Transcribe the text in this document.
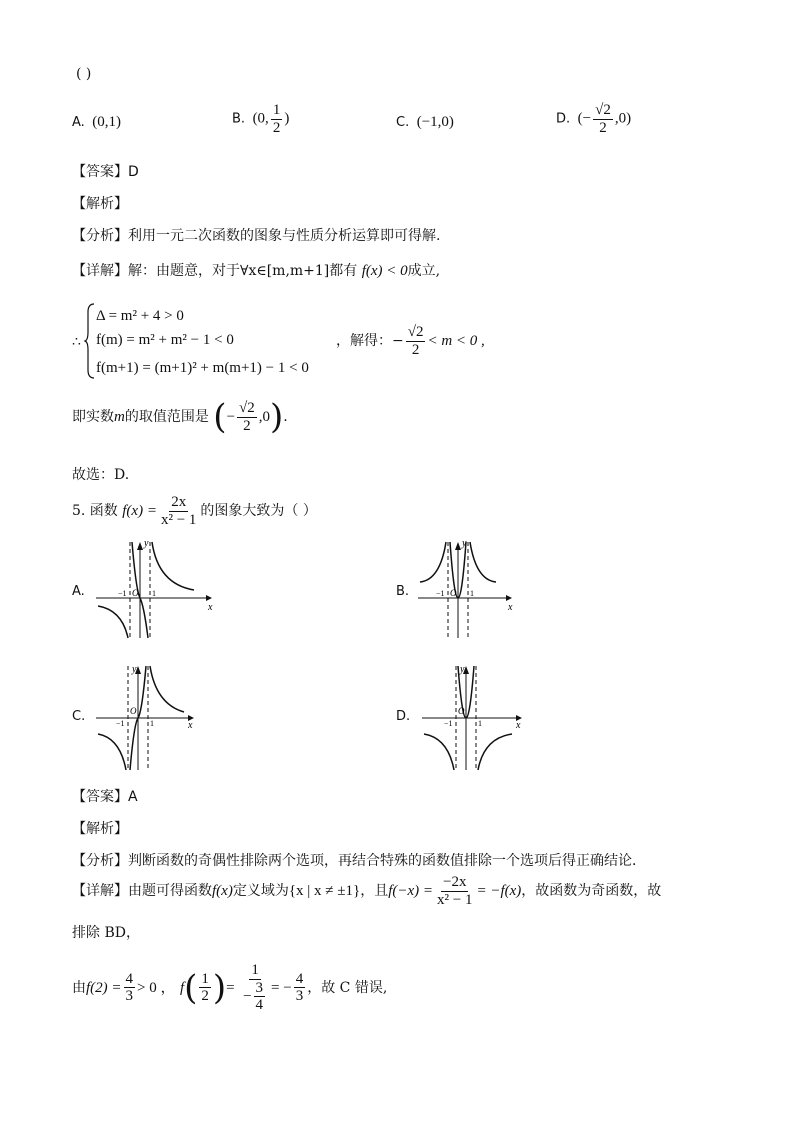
( )
A. (0,1)	B. (0, $\frac{1}{2}$ )	C. (−1,0)	D. (− $\frac{√2}{2} ,0$)
【答案】D
【解析】
【分析】利用一元二次函数的图象与性质分析运算即可得解.
【详解】解：由题意，对于∀x∈[m,m+1]都有 f(x) < 0成立,
∴
Δ = m² + 4 > 0
f(m) = m² + m² − 1 < 0
f(m+1) = (m+1)² + m(m+1) − 1 < 0
，解得：− $\frac{√2}{2} < m < 0$ ,
即实数m的取值范围是 (− $\frac{√2}{2} ,0$).
故选：D.
5. 函数 $f(x) = \frac{2x}{\text{x² − 1}}$ 的图象大致为（ ）
A.
y
x
O
−1	1	B.
y
x
O
−1	1
C.
y
x
O
−1	1	D.
y
x
O
−1	1
【答案】A
【解析】
【分析】判断函数的奇偶性排除两个选项，再结合特殊的函数值排除一个选项后得正确结论．
【详解】由题可得函数f(x)定义域为{x | x ≠ ±1}，且$f(-x) = \frac{-2x}{\text{x² − 1}} = -f(x)$，故函数为奇函数，故
排除 BD，
由$f(2) = \frac{4}{3} > 0$ ， $f( \frac{1}{2}$ )= $\frac{1}{- \frac{3}{4}}$ = − $\frac{4}{3}$ ，故 C 错误,
